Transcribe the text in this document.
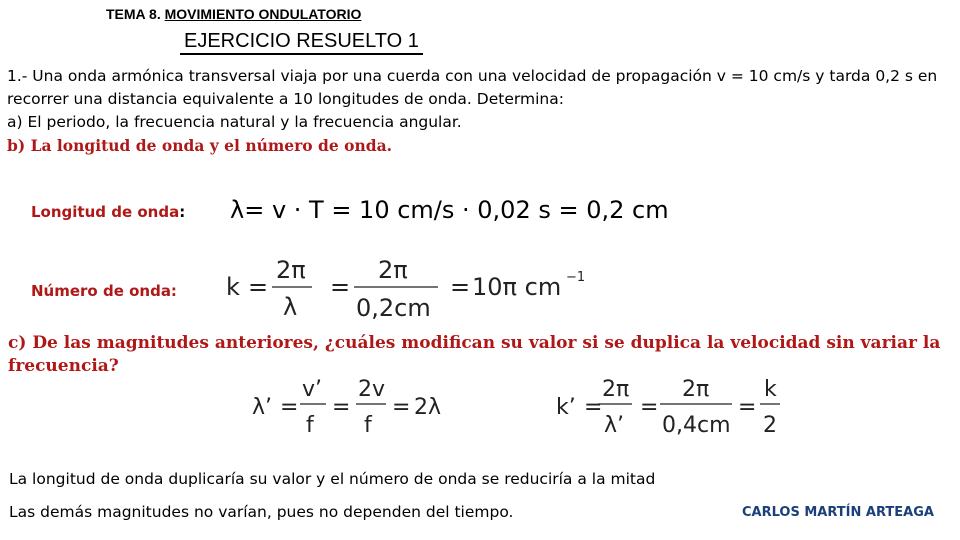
TEMA 8. MOVIMIENTO ONDULATORIO
EJERCICIO RESUELTO 1

1.- Una onda armónica transversal viaja por una cuerda con una velocidad de propagación v = 10 cm/s y tarda 0,2 s en recorrer una distancia equivalente a 10 longitudes de onda. Determina:

a) El periodo, la frecuencia natural y la frecuencia angular.

b) La longitud de onda y el número de onda.

Longitud de onda: λ= v · T = 10 cm/s · 0,02 s = 0,2 cm
Número de onda: k =
2π
λ
=
2π
0,2cm
= 10π cm −1
c) De las magnitudes anteriores, ¿cuáles modifican su valor si se duplica la velocidad sin variar la frecuencia?
λ’ =
v’
f
=
2v
f
= 2λ	k’ =
2π
λ’
=
2π
0,4cm
=
k
2
La longitud de onda duplicaría su valor y el número de onda se reduciría a la mitad
Las demás magnitudes no varían, pues no dependen del tiempo.	CARLOS MARTÍN ARTEAGA
